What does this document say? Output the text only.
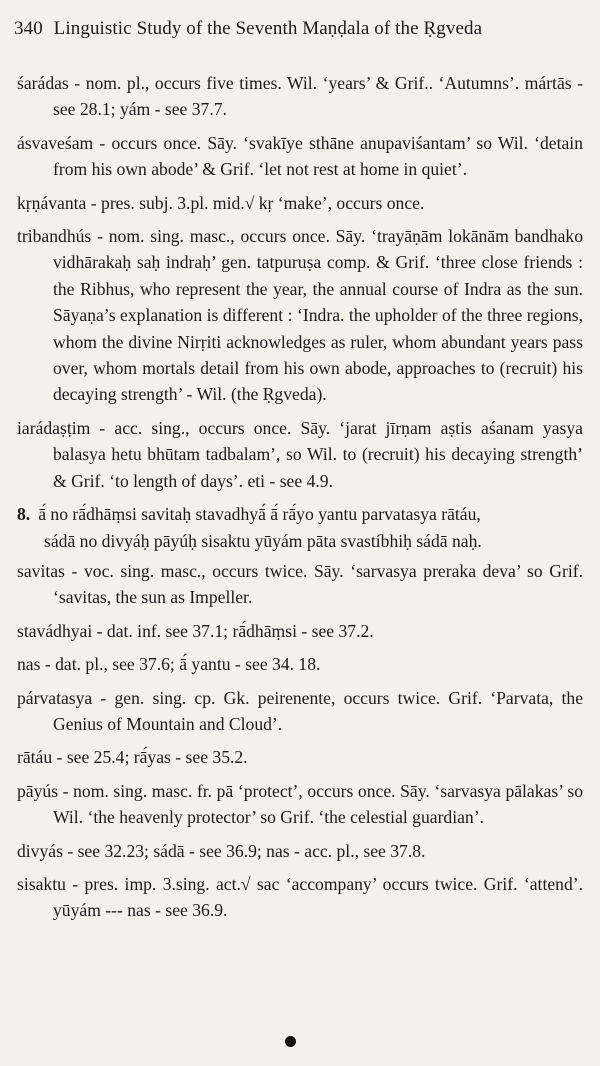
340 Linguistic Study of the Seventh Maṇḍala of the Ṛgveda

śarádas - nom. pl., occurs five times. Wil. ‘years’ & Grif.. ‘Autumns’. mártās - see 28.1; yám - see 37.7.

ásvaveśam - occurs once. Sāy. ‘svakīye sthāne anupaviśantam’ so Wil. ‘detain from his own abode’ & Grif. ‘let not rest at home in quiet’.

kṛṇávanta - pres. subj. 3.pl. mid.√ kṛ ‘make’, occurs once.

tribandhús - nom. sing. masc., occurs once. Sāy. ‘trayāṇām lokānām bandhako vidhārakaḥ saḥ indraḥ’ gen. tatpuruṣa comp. & Grif. ‘three close friends : the Ribhus, who represent the year, the annual course of Indra as the sun. Sāyaṇa’s explanation is different : ‘Indra. the upholder of the three regions, whom the divine Nirṛiti acknowledges as ruler, whom abundant years pass over, whom mortals detail from his own abode, approaches to (recruit) his decaying strength’ - Wil. (the Ṛgveda).

iarádaṣṭim - acc. sing., occurs once. Sāy. ‘jarat jīrṇam aṣtis aśanam yasya balasya hetu bhūtam tadbalam’, so Wil. to (recruit) his decaying strength’ & Grif. ‘to length of days’. eti - see 4.9.

8. ā́ no rā́dhāṃsi savitaḥ stavadhyā́ ā́ rā́yo yantu parvatasya rātáu,
sádā no divyáḥ pāyúḥ sisaktu yūyám pāta svastíbhiḥ sádā naḥ.

savitas - voc. sing. masc., occurs twice. Sāy. ‘sarvasya preraka deva’ so Grif. ‘savitas, the sun as Impeller.

stavádhyai - dat. inf. see 37.1; rā́dhāṃsi - see 37.2.

nas - dat. pl., see 37.6; ā́ yantu - see 34. 18.

párvatasya - gen. sing. cp. Gk. peirenente, occurs twice. Grif. ‘Parvata, the Genius of Mountain and Cloud’.

rātáu - see 25.4; rā́yas - see 35.2.

pāyús - nom. sing. masc. fr. pā ‘protect’, occurs once. Sāy. ‘sarvasya pālakas’ so Wil. ‘the heavenly protector’ so Grif. ‘the celestial guardian’.

divyás - see 32.23; sádā - see 36.9; nas - acc. pl., see 37.8.

sisaktu - pres. imp. 3.sing. act.√ sac ‘accompany’ occurs twice. Grif. ‘attend’. yūyám --- nas - see 36.9.
